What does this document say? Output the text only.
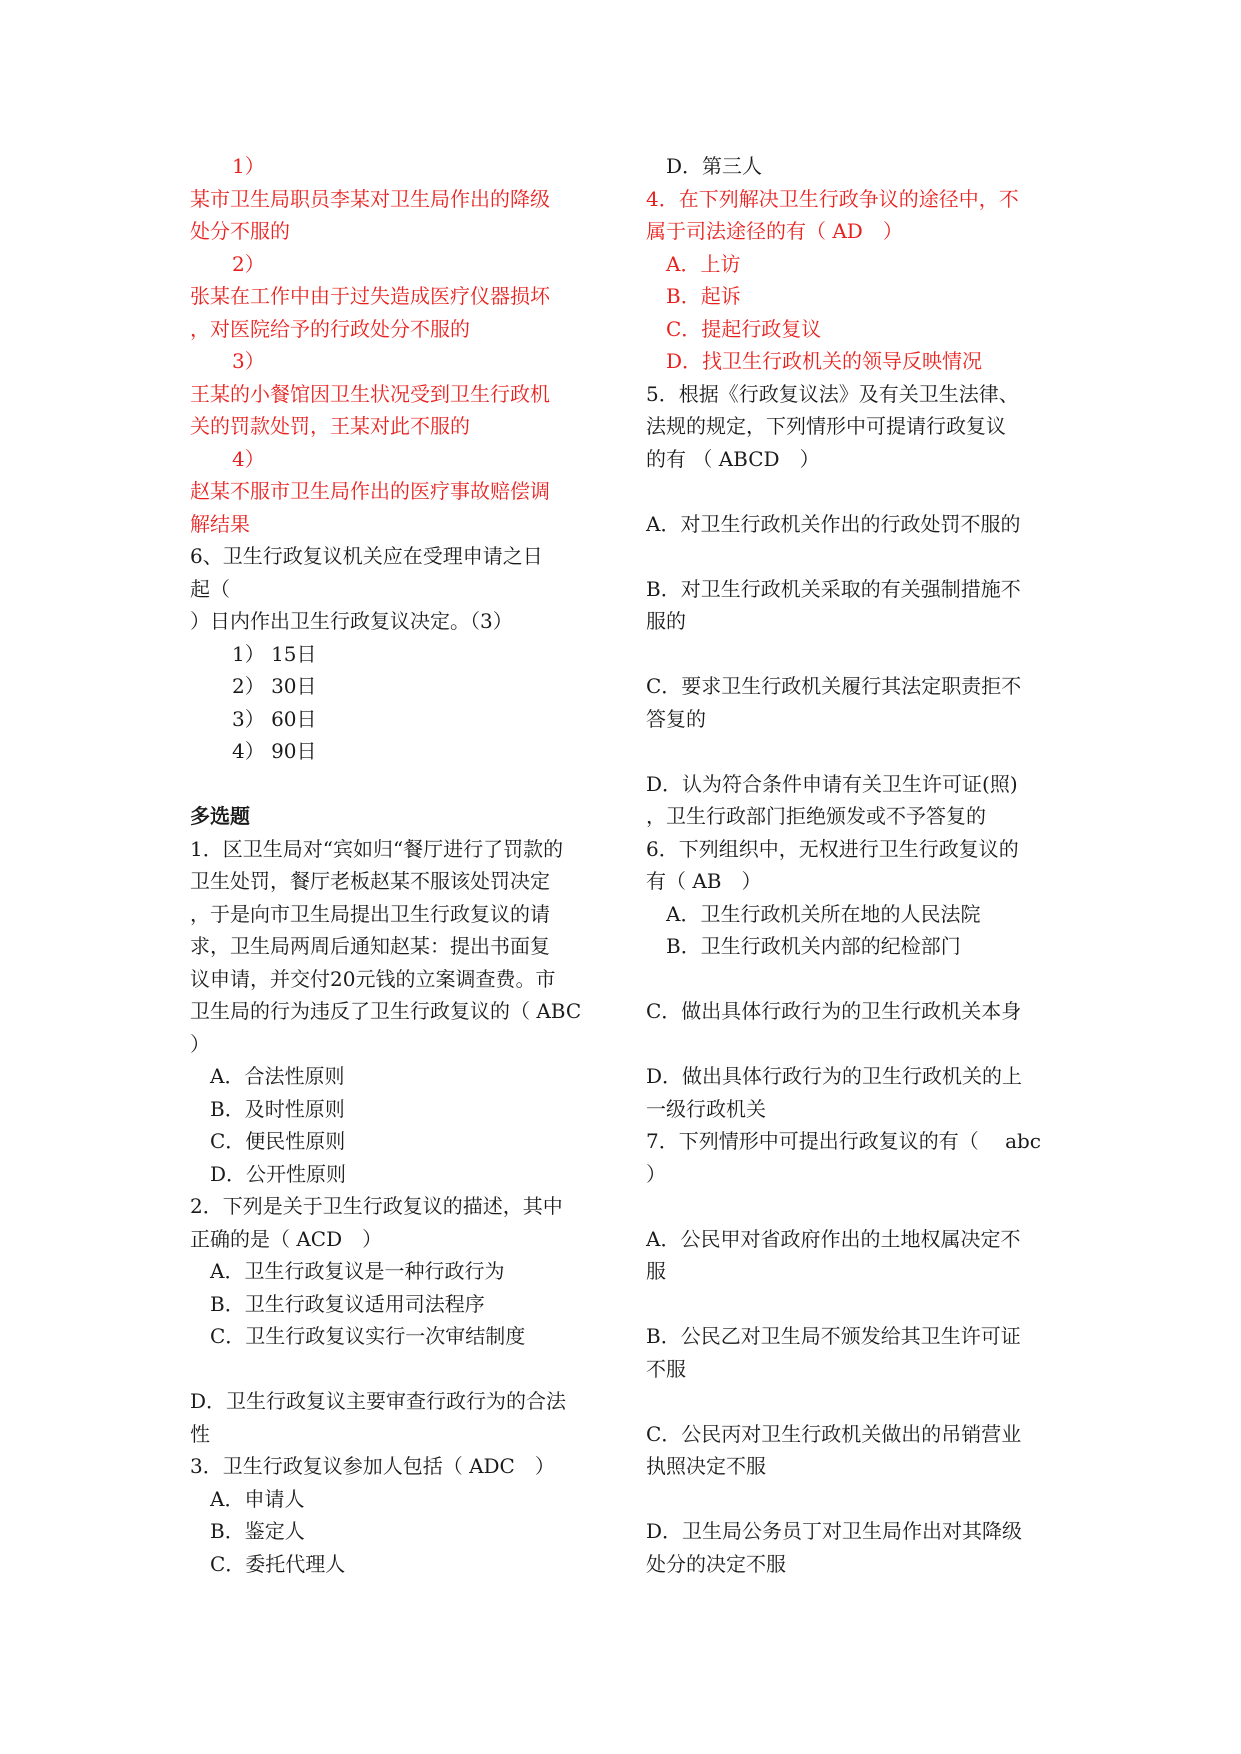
1）
某市卫生局职员李某对卫生局作出的降级
处分不服的
2）
张某在工作中由于过失造成医疗仪器损坏
，对医院给予的行政处分不服的
3）
王某的小餐馆因卫生状况受到卫生行政机
关的罚款处罚，王某对此不服的
4）
赵某不服市卫生局作出的医疗事故赔偿调
解结果
6、卫生行政复议机关应在受理申请之日
起（
）日内作出卫生行政复议决定。（3）
1） 15日
2） 30日
3） 60日
4） 90日
多选题
1．区卫生局对“宾如归“餐厅进行了罚款的
卫生处罚，餐厅老板赵某不服该处罚决定
，于是向市卫生局提出卫生行政复议的请
求，卫生局两周后通知赵某：提出书面复
议申请，并交付20元钱的立案调查费。市
卫生局的行为违反了卫生行政复议的（ ABC
）
A．合法性原则
B．及时性原则
C．便民性原则
D．公开性原则
2．下列是关于卫生行政复议的描述，其中
正确的是（ ACD　）
A．卫生行政复议是一种行政行为
B．卫生行政复议适用司法程序
C．卫生行政复议实行一次审结制度
D．卫生行政复议主要审查行政行为的合法
性
3．卫生行政复议参加人包括（ ADC　）
A．申请人
B．鉴定人
C．委托代理人
D．第三人
4．在下列解决卫生行政争议的途径中，不
属于司法途径的有（ AD　）
A．上访
B．起诉
C．提起行政复议
D．找卫生行政机关的领导反映情况
5．根据《行政复议法》及有关卫生法律、
法规的规定，下列情形中可提请行政复议
的有 （ ABCD　）
A．对卫生行政机关作出的行政处罚不服的
B．对卫生行政机关采取的有关强制措施不
服的
C．要求卫生行政机关履行其法定职责拒不
答复的
D．认为符合条件申请有关卫生许可证(照)
，卫生行政部门拒绝颁发或不予答复的
6．下列组织中，无权进行卫生行政复议的
有（ AB　）
A．卫生行政机关所在地的人民法院
B．卫生行政机关内部的纪检部门
C．做出具体行政行为的卫生行政机关本身
D．做出具体行政行为的卫生行政机关的上
一级行政机关
7．下列情形中可提出行政复议的有（　 abc
）
A．公民甲对省政府作出的土地权属决定不
服
B．公民乙对卫生局不颁发给其卫生许可证
不服
C．公民丙对卫生行政机关做出的吊销营业
执照决定不服
D．卫生局公务员丁对卫生局作出对其降级
处分的决定不服
